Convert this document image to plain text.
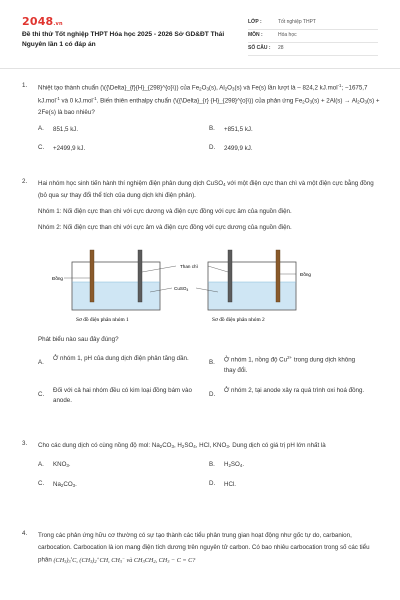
2048.vn
Đề thi thử Tốt nghiệp THPT Hóa học 2025 - 2026 Sở GD&ĐT Thái Nguyên lần 1 có đáp án
LỚP :	Tốt nghiệp THPT
MÔN :	Hóa học
SỐ CÂU :	28
1.	Nhiệt tạo thành chuẩn (\({\Delta}_{f}{H}_{298}^{o}\)) của $Fe_2O_3(s)$, $Al_2O_3(s)$ và Fe(s) lần lượt là – 824,2 kJ.mol$^{-1}$; −1675,7 kJ.mol$^{-1}$ và 0 kJ.mol$^{-1}$. Biến thiên enthalpy chuẩn (\({\Delta}_{r} {H}_{298}^{o}\)) của phản ứng $Fe_2O_3(s) + 2Al(s) \to Al_2O_3(s) + 2Fe(s)$ là bao nhiêu?
A.	851,5 kJ.	B.	+851,5 kJ.
C.	+2499,9 kJ.	D.	2499,9 kJ.
2.	Hai nhóm học sinh tiến hành thí nghiệm điện phân dung dịch CuSO$_4$ với một điện cực than chì và một điện cực bằng đồng (bỏ qua sự thay đổi thể tích của dung dịch khi điện phân).
Nhóm 1: Nối điện cực than chì với cực dương và điện cực đồng với cực âm của nguồn điện.
Nhóm 2: Nối điện cực than chì với cực âm và điện cực đồng với cực dương của nguồn điện.
Than chì
CuSO$_4$
Đồng
Đồng
Sơ đồ điện phân nhóm 1	Sơ đồ điện phân nhóm 2
Phát biểu nào sau đây đúng?
A.
Ở nhóm 1, pH của dung dịch điện phân tăng dần.
B.	Ở nhóm 1, nồng độ $Cu^{2+}$ trong dung dịch không thay đổi.
C.
Đối với cả hai nhóm đều có kim loại đồng bám vào anode.
D.
Ở nhóm 2, tại anode xảy ra quá trình oxi hoá đồng.
3.	Cho các dung dịch có cùng nồng độ mol: $Na_2CO_3$, $H_2SO_4$, HCl, $KNO_3$. Dung dịch có giá trị pH lớn nhất là
A.	$KNO_3$.	B.	$H_2SO_4$.
C.	$Na_2CO_3$.	D.	HCl.
4.	Trong các phản ứng hữu cơ thường có sự tạo thành các tiểu phân trung gian hoạt động như gốc tự do, carbanion, carbocation. Carbocation là ion mang điện tích dương trên nguyên tử carbon. Có bao nhiêu carbocation trong số các tiểu phân $(CH_3)_3^•C$, $(CH_3)_2^+CH$, $CH_3^-$ và $CH_3CH_2$, $CH_3 - C = C$?
